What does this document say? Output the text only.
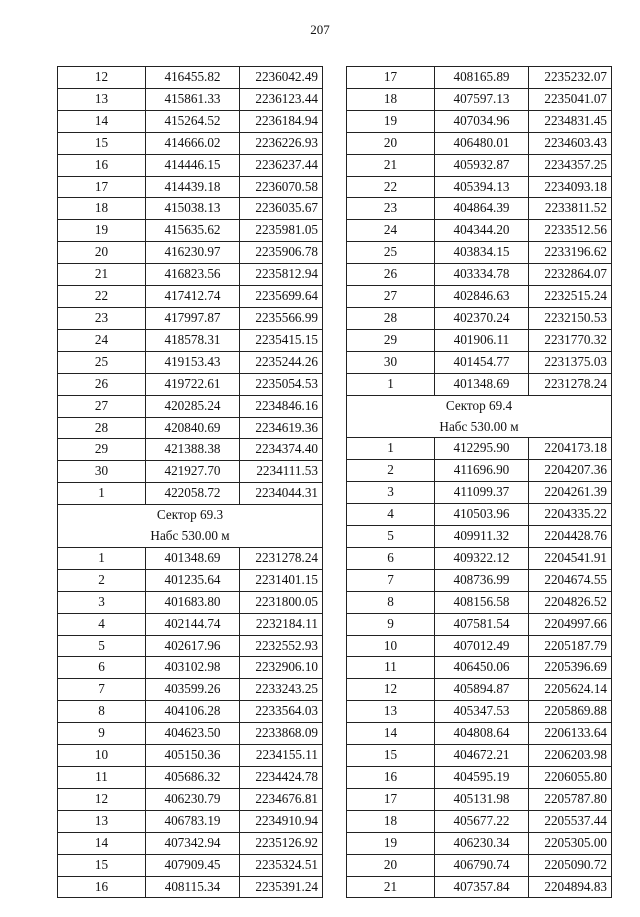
207
12	416455.82	2236042.49
13	415861.33	2236123.44
14	415264.52	2236184.94
15	414666.02	2236226.93
16	414446.15	2236237.44
17	414439.18	2236070.58
18	415038.13	2236035.67
19	415635.62	2235981.05
20	416230.97	2235906.78
21	416823.56	2235812.94
22	417412.74	2235699.64
23	417997.87	2235566.99
24	418578.31	2235415.15
25	419153.43	2235244.26
26	419722.61	2235054.53
27	420285.24	2234846.16
28	420840.69	2234619.36
29	421388.38	2234374.40
30	421927.70	2234111.53
1	422058.72	2234044.31
Сектор 69.3		
Набс 530.00 м		
1	401348.69	2231278.24
2	401235.64	2231401.15
3	401683.80	2231800.05
4	402144.74	2232184.11
5	402617.96	2232552.93
6	403102.98	2232906.10
7	403599.26	2233243.25
8	404106.28	2233564.03
9	404623.50	2233868.09
10	405150.36	2234155.11
11	405686.32	2234424.78
12	406230.79	2234676.81
13	406783.19	2234910.94
14	407342.94	2235126.92
15	407909.45	2235324.51
16	408115.34	2235391.24
17	408165.89	2235232.07
18	407597.13	2235041.07
19	407034.96	2234831.45
20	406480.01	2234603.43
21	405932.87	2234357.25
22	405394.13	2234093.18
23	404864.39	2233811.52
24	404344.20	2233512.56
25	403834.15	2233196.62
26	403334.78	2232864.07
27	402846.63	2232515.24
28	402370.24	2232150.53
29	401906.11	2231770.32
30	401454.77	2231375.03
1	401348.69	2231278.24
Сектор 69.4		
Набс 530.00 м		
1	412295.90	2204173.18
2	411696.90	2204207.36
3	411099.37	2204261.39
4	410503.96	2204335.22
5	409911.32	2204428.76
6	409322.12	2204541.91
7	408736.99	2204674.55
8	408156.58	2204826.52
9	407581.54	2204997.66
10	407012.49	2205187.79
11	406450.06	2205396.69
12	405894.87	2205624.14
13	405347.53	2205869.88
14	404808.64	2206133.64
15	404672.21	2206203.98
16	404595.19	2206055.80
17	405131.98	2205787.80
18	405677.22	2205537.44
19	406230.34	2205305.00
20	406790.74	2205090.72
21	407357.84	2204894.83
